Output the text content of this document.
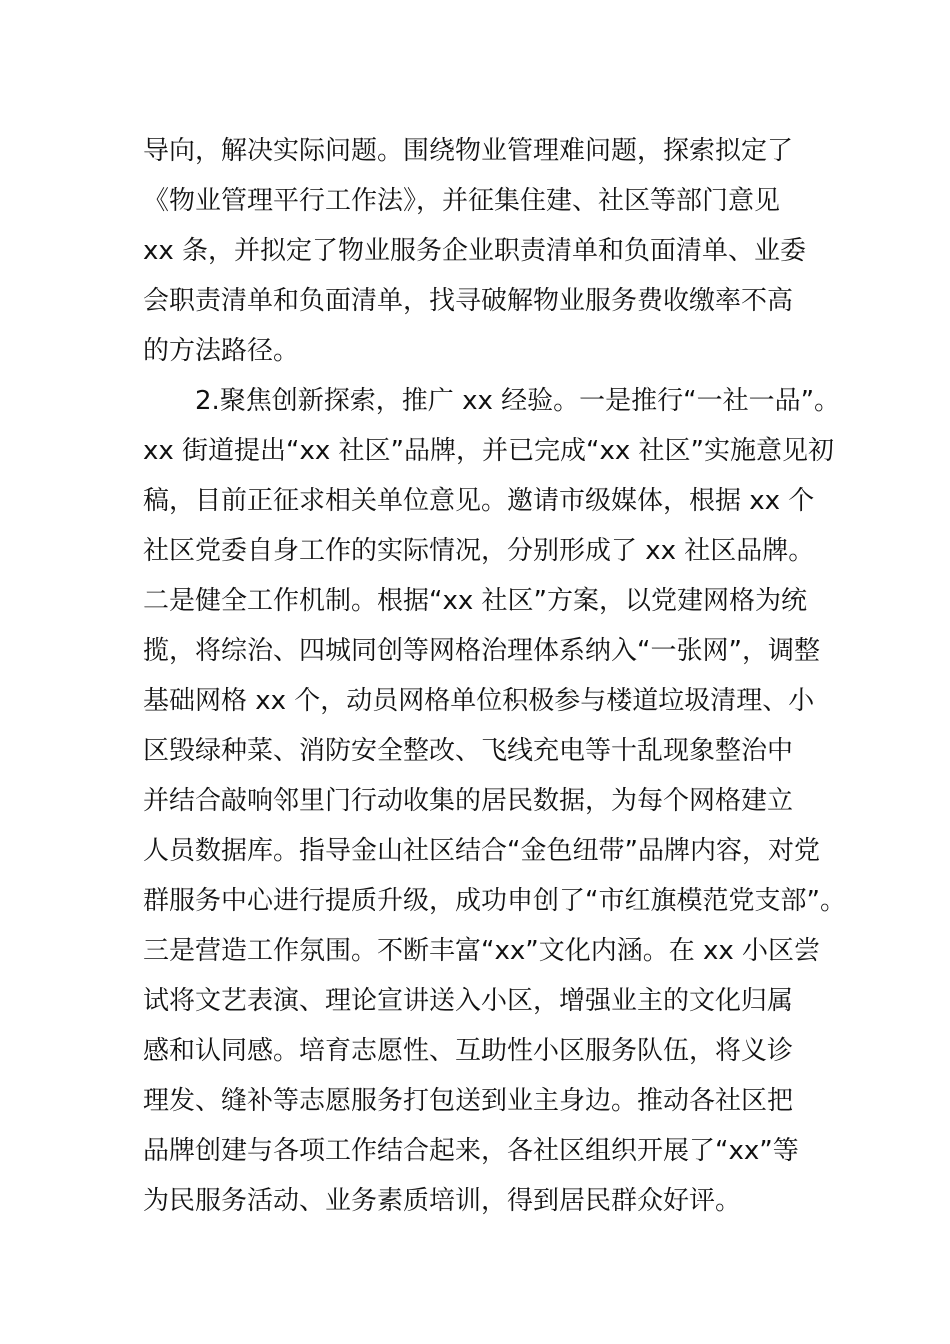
导向，解决实际问题。围绕物业管理难问题，探索拟定了
《物业管理平行工作法》，并征集住建、社区等部门意见
xx 条，并拟定了物业服务企业职责清单和负面清单、业委
会职责清单和负面清单，找寻破解物业服务费收缴率不高
的方法路径。
2.聚焦创新探索，推广 xx 经验。一是推行“一社一品”。
xx 街道提出“xx 社区”品牌，并已完成“xx 社区”实施意见初
稿，目前正征求相关单位意见。邀请市级媒体，根据 xx 个
社区党委自身工作的实际情况，分别形成了 xx 社区品牌。
二是健全工作机制。根据“xx 社区”方案，以党建网格为统
揽，将综治、四城同创等网格治理体系纳入“一张网”，调整
基础网格 xx 个，动员网格单位积极参与楼道垃圾清理、小
区毁绿种菜、消防安全整改、飞线充电等十乱现象整治中
并结合敲响邻里门行动收集的居民数据，为每个网格建立
人员数据库。指导金山社区结合“金色纽带”品牌内容，对党
群服务中心进行提质升级，成功申创了“市红旗模范党支部”。
三是营造工作氛围。不断丰富“xx”文化内涵。在 xx 小区尝
试将文艺表演、理论宣讲送入小区，增强业主的文化归属
感和认同感。培育志愿性、互助性小区服务队伍，将义诊
理发、缝补等志愿服务打包送到业主身边。推动各社区把
品牌创建与各项工作结合起来，各社区组织开展了“xx”等
为民服务活动、业务素质培训，得到居民群众好评。
